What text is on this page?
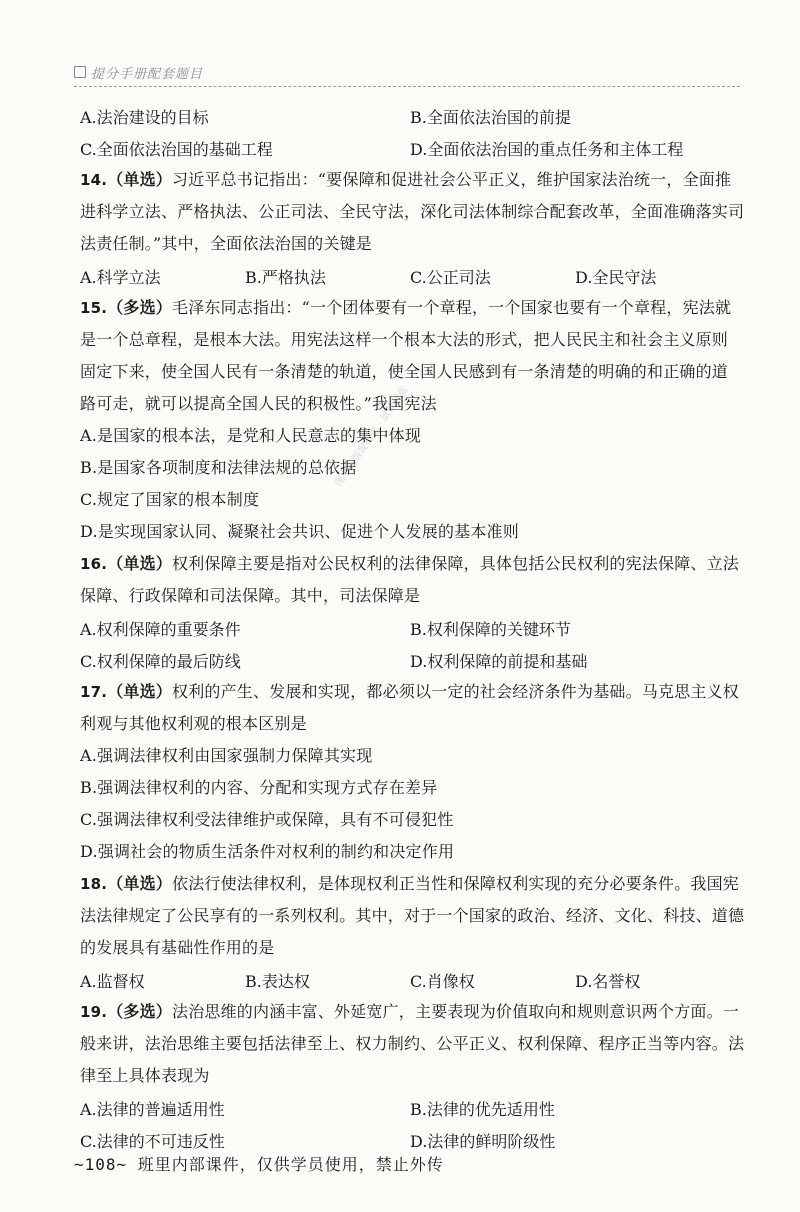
提分手册配套题目
图书出版发行部 · 试读样张
A.法治建设的目标	B.全面依法治国的前提
C.全面依法治国的基础工程	D.全面依法治国的重点任务和主体工程
14.（单选）习近平总书记指出：“要保障和促进社会公平正义，维护国家法治统一，全面推
进科学立法、严格执法、公正司法、全民守法，深化司法体制综合配套改革，全面准确落实司
法责任制。”其中，全面依法治国的关键是
A.科学立法	B.严格执法	C.公正司法	D.全民守法
15.（多选）毛泽东同志指出：“一个团体要有一个章程，一个国家也要有一个章程，宪法就
是一个总章程，是根本大法。用宪法这样一个根本大法的形式，把人民民主和社会主义原则
固定下来，使全国人民有一条清楚的轨道，使全国人民感到有一条清楚的明确的和正确的道
路可走，就可以提高全国人民的积极性。”我国宪法
A.是国家的根本法，是党和人民意志的集中体现
B.是国家各项制度和法律法规的总依据
C.规定了国家的根本制度
D.是实现国家认同、凝聚社会共识、促进个人发展的基本准则
16.（单选）权利保障主要是指对公民权利的法律保障，具体包括公民权利的宪法保障、立法
保障、行政保障和司法保障。其中，司法保障是
A.权利保障的重要条件	B.权利保障的关键环节
C.权利保障的最后防线	D.权利保障的前提和基础
17.（单选）权利的产生、发展和实现，都必须以一定的社会经济条件为基础。马克思主义权
利观与其他权利观的根本区别是
A.强调法律权利由国家强制力保障其实现
B.强调法律权利的内容、分配和实现方式存在差异
C.强调法律权利受法律维护或保障，具有不可侵犯性
D.强调社会的物质生活条件对权利的制约和决定作用
18.（单选）依法行使法律权利，是体现权利正当性和保障权利实现的充分必要条件。我国宪
法法律规定了公民享有的一系列权利。其中，对于一个国家的政治、经济、文化、科技、道德
的发展具有基础性作用的是
A.监督权	B.表达权	C.肖像权	D.名誉权
19.（多选）法治思维的内涵丰富、外延宽广，主要表现为价值取向和规则意识两个方面。一
般来讲，法治思维主要包括法律至上、权力制约、公平正义、权利保障、程序正当等内容。法
律至上具体表现为
A.法律的普遍适用性	B.法律的优先适用性
C.法律的不可违反性	D.法律的鲜明阶级性
~108~ 班里内部课件，仅供学员使用，禁止外传
